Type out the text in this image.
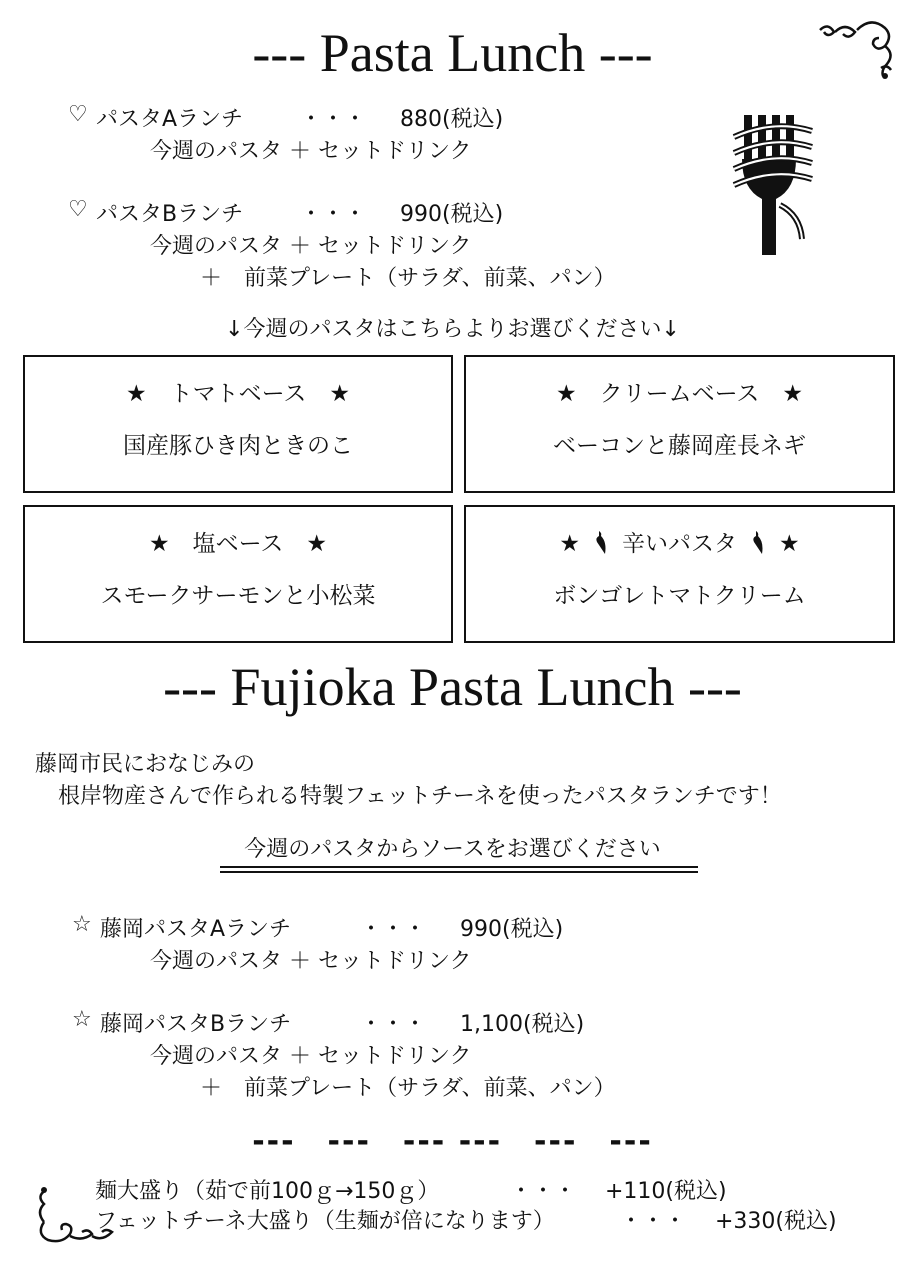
--- Pasta Lunch ---
♡ パスタAランチ	・・・ 880(税込)
今週のパスタ ＋ セットドリンク
♡ パスタBランチ	・・・ 990(税込)
今週のパスタ ＋ セットドリンク
＋　前菜プレート（サラダ、前菜、パン）
↓今週のパスタはこちらよりお選びください↓
★　トマトベース　★
国産豚ひき肉ときのこ
★　クリームベース　★
ベーコンと藤岡産長ネギ
★　塩ベース　★
スモークサーモンと小松菜
★ 辛いパスタ ★
ボンゴレトマトクリーム
--- Fujioka Pasta Lunch ---
藤岡市民におなじみの
根岸物産さんで作られる特製フェットチーネを使ったパスタランチです！
今週のパスタからソースをお選びください
☆ 藤岡パスタAランチ	・・・ 990(税込)
今週のパスタ ＋ セットドリンク
☆ 藤岡パスタBランチ	・・・ 1,100(税込)
今週のパスタ ＋ セットドリンク
＋　前菜プレート（サラダ、前菜、パン）
---　---　--- ---　---　---
麺大盛り（茹で前100ｇ→150ｇ）	・・・ +110(税込)
フェットチーネ大盛り（生麺が倍になります）	・・・ +330(税込)
